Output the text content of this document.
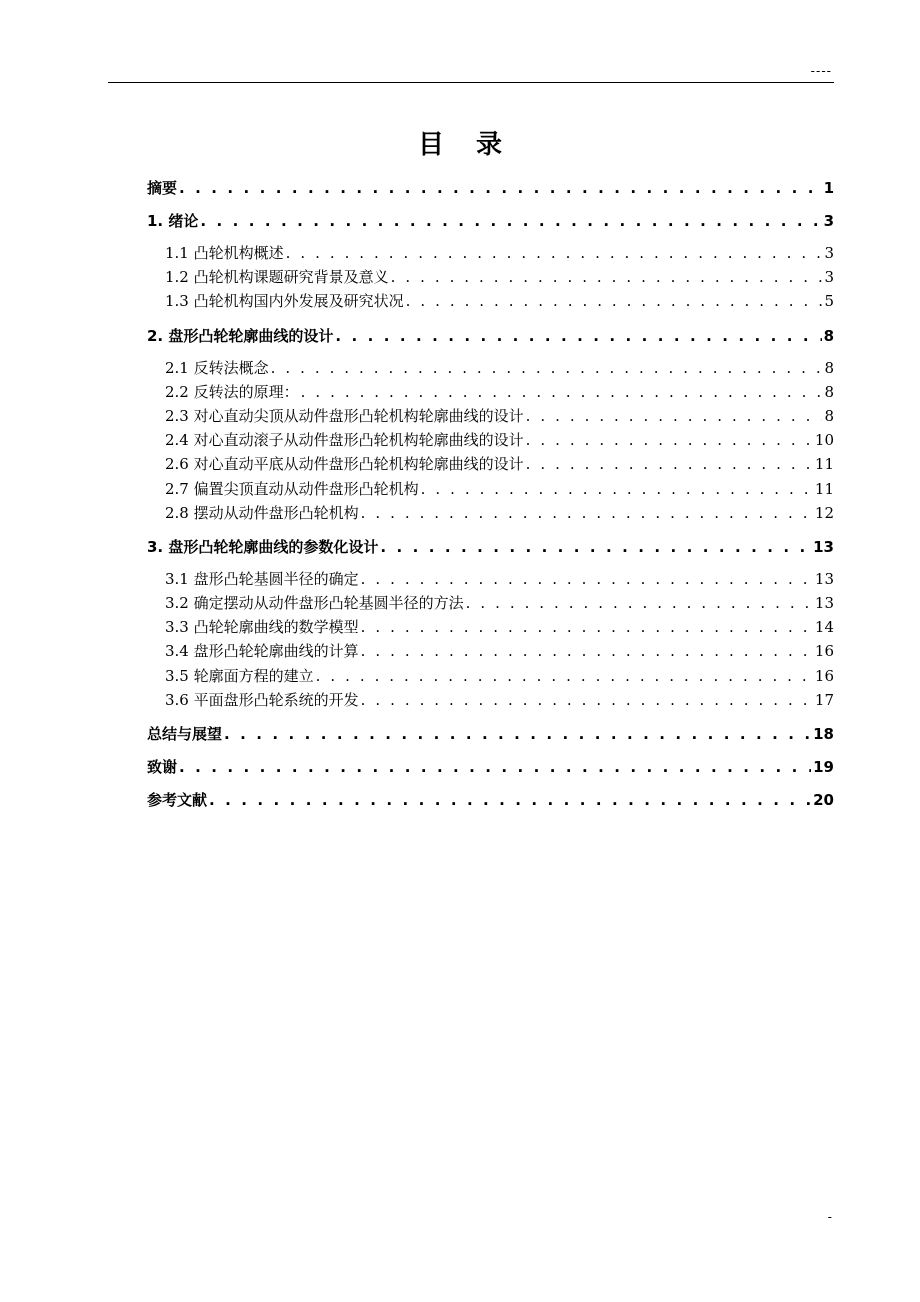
----
目 录
摘要 . . .	1
1. 绪论 . . .	3
1.1 凸轮机构概述 . . .	3
1.2 凸轮机构课题研究背景及意义 . . .	3
1.3 凸轮机构国内外发展及研究状况 . . .	5
2. 盘形凸轮轮廓曲线的设计 . . .	8
2.1 反转法概念 . . .	8
2.2 反转法的原理： . . .	8
2.3 对心直动尖顶从动件盘形凸轮机构轮廓曲线的设计 . . .	8
2.4 对心直动滚子从动件盘形凸轮机构轮廓曲线的设计 . . .	10
2.6 对心直动平底从动件盘形凸轮机构轮廓曲线的设计 . . .	11
2.7 偏置尖顶直动从动件盘形凸轮机构 . . .	11
2.8 摆动从动件盘形凸轮机构 . . .	12
3. 盘形凸轮轮廓曲线的参数化设计 . . .	13
3.1 盘形凸轮基圆半径的确定 . . .	13
3.2 确定摆动从动件盘形凸轮基圆半径的方法 . . .	13
3.3 凸轮轮廓曲线的数学模型 . . .	14
3.4 盘形凸轮轮廓曲线的计算 . . .	16
3.5 轮廓面方程的建立 . . .	16
3.6 平面盘形凸轮系统的开发 . . .	17
总结与展望 . . .	18
致谢 . . .	19
参考文献 . . .	20
-
